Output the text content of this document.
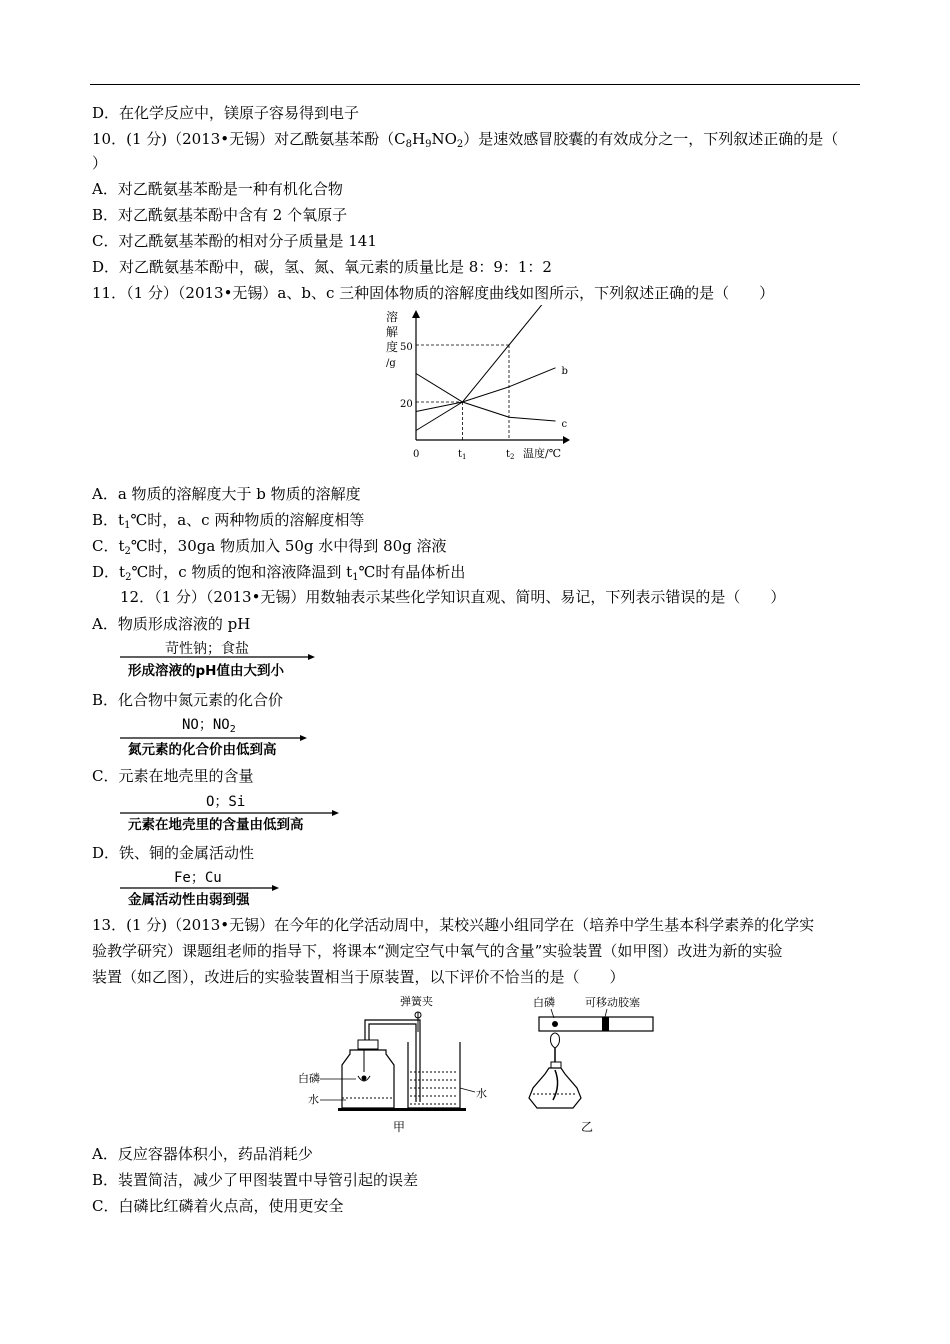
D．在化学反应中，镁原子容易得到电子
10．(1 分)（2013•无锡）对乙酰氨基苯酚$(C_8H_9NO_2)$是速效感冒胶囊的有效成分之一，下列叙述正确的是（
）
A．对乙酰氨基苯酚是一种有机化合物
B．对乙酰氨基苯酚中含有 2 个氧原子
C．对乙酰氨基苯酚的相对分子质量是 141
D．对乙酰氨基苯酚中，碳，氢、氮、氧元素的质量比是 8：9：1：2
11．（1 分）（2013•无锡）a、b、c 三种固体物质的溶解度曲线如图所示，下列叙述正确的是（　　）
溶
解
度
/g
0
50
20
$t_1$	$t_2$ 温度/℃
b
c
A．a 物质的溶解度大于 b 物质的溶解度
B．$t_1℃$时，a、c 两种物质的溶解度相等
C．$t_2℃$时，30ga 物质加入 50g 水中得到 80g 溶液
D．$t_2℃$时，c 物质的饱和溶液降温到 $t_1℃$时有晶体析出
12．（1 分）（2013•无锡）用数轴表示某些化学知识直观、简明、易记，下列表示错误的是（　　）
A．物质形成溶液的 pH
苛性钠；食盐
形成溶液的pH值由大到小
B．化合物中氮元素的化合价
NO；$NO_2$
氮元素的化合价由低到高
C．元素在地壳里的含量
O；Si
元素在地壳里的含量由低到高
D．铁、铜的金属活动性
Fe；Cu
金属活动性由弱到强
13．(1 分)（2013•无锡）在今年的化学活动周中，某校兴趣小组同学在（培养中学生基本科学素养的化学实
验教学研究）课题组老师的指导下，将课本“测定空气中氧气的含量”实验装置（如甲图）改进为新的实验
装置（如乙图），改进后的实验装置相当于原装置，以下评价不恰当的是（　　）
弹簧夹
白磷
水	水
甲
白磷	可移动胶塞
乙
A．反应容器体积小，药品消耗少
B．装置简洁，减少了甲图装置中导管引起的误差
C．白磷比红磷着火点高，使用更安全
